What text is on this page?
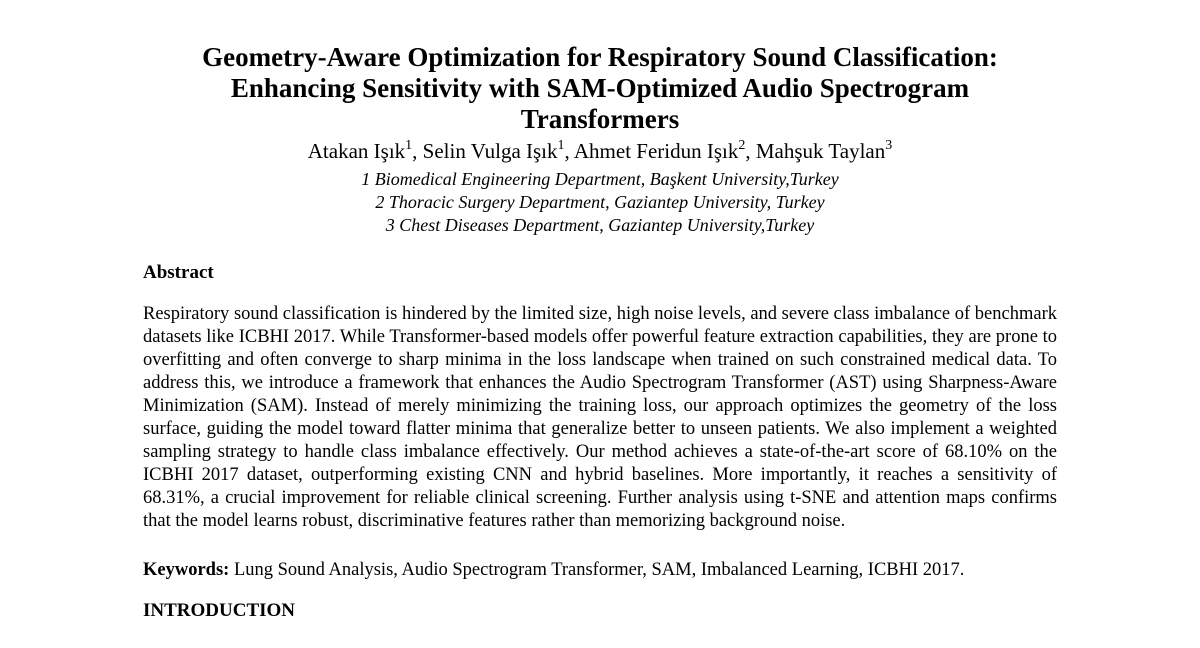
Geometry-Aware Optimization for Respiratory Sound Classification:
Enhancing Sensitivity with SAM-Optimized Audio Spectrogram
Transformers
Atakan Işık$^1$, Selin Vulga Işık$^1$, Ahmet Feridun Işık$^2$, Mahşuk Taylan$^3$
1 Biomedical Engineering Department, Başkent University,Turkey
2 Thoracic Surgery Department, Gaziantep University, Turkey
3 Chest Diseases Department, Gaziantep University,Turkey
Abstract

Respiratory sound classification is hindered by the limited size, high noise levels, and severe class imbalance of benchmark datasets like ICBHI 2017. While Transformer-based models offer powerful feature extraction capabilities, they are prone to overfitting and often converge to sharp minima in the loss landscape when trained on such constrained medical data. To address this, we introduce a framework that enhances the Audio Spectrogram Transformer (AST) using Sharpness-Aware Minimization (SAM). Instead of merely minimizing the training loss, our approach optimizes the geometry of the loss surface, guiding the model toward flatter minima that generalize better to unseen patients. We also implement a weighted sampling strategy to handle class imbalance effectively. Our method achieves a state-of-the-art score of 68.10% on the ICBHI 2017 dataset, outperforming existing CNN and hybrid baselines. More importantly, it reaches a sensitivity of 68.31%, a crucial improvement for reliable clinical screening. Further analysis using t-SNE and attention maps confirms that the model learns robust, discriminative features rather than memorizing background noise.

Keywords: Lung Sound Analysis, Audio Spectrogram Transformer, SAM, Imbalanced Learning, ICBHI 2017.

INTRODUCTION
